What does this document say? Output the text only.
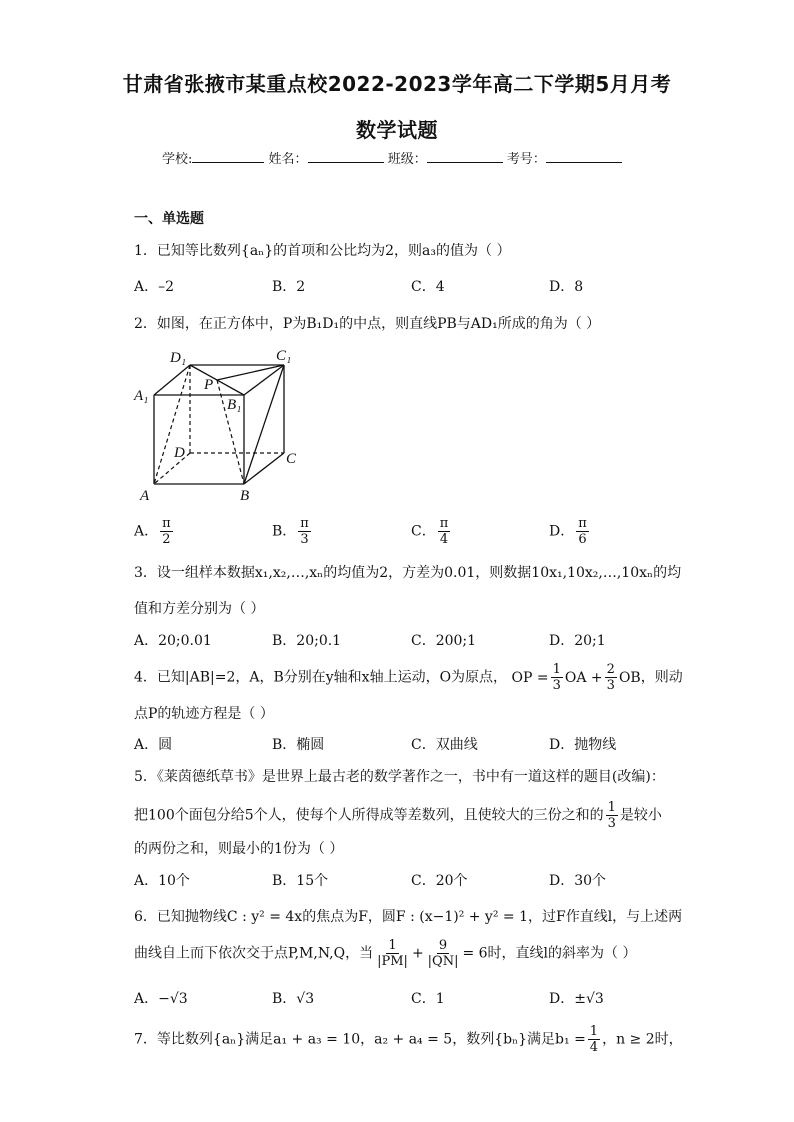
甘肃省张掖市某重点校2022-2023学年高二下学期5月月考
数学试题
学校:	姓名：	班级：	考号：
一、单选题
1．已知等比数列{aₙ}的首项和公比均为2，则a₃的值为（ ）
A．–2	B．2	C．4	D．8
2．如图，在正方体中，P为B₁D₁的中点，则直线PB与AD₁所成的角为（ ）
D₁	C₁
A₁
P
B₁
D	C
A	B
A． $\frac{\pi}{2}$	B． $\frac{\pi}{3}$	C． $\frac{\pi}{4}$	D． $\frac{\pi}{6}$
3．设一组样本数据x₁,x₂,…,xₙ的均值为2，方差为0.01，则数据10x₁,10x₂,…,10xₙ的均
值和方差分别为（ ）
A．20;0.01	B．20;0.1	C．200;1	D．20;1
4．已知|AB|=2，A，B分别在y轴和x轴上运动，O为原点， OP = $\frac{1}{3}$ OA + $\frac{2}{3}$ OB，则动
点P的轨迹方程是（ ）
A．圆	B．椭圆	C．双曲线	D．抛物线
5．《莱茵德纸草书》是世界上最古老的数学著作之一，书中有一道这样的题目(改编)：
把100个面包分给5个人，使每个人所得成等差数列，且使较大的三份之和的 $\frac{1}{3}$ 是较小
的两份之和，则最小的1份为（ ）
A．10个	B．15个	C．20个	D．30个
6．已知抛物线C : y² = 4x的焦点为F，圆F : (x−1)² + y² = 1，过F作直线l，与上述两
曲线自上而下依次交于点P,M,N,Q，当 $\frac{1}{|PM|} + \frac{9}{|QN|} = 6$时，直线l的斜率为（ ）
A．−√3	B．√3	C．1	D．±√3
7．等比数列{aₙ}满足a₁ + a₃ = 10，a₂ + a₄ = 5，数列{bₙ}满足$b_1 = \frac{1}{4}$ ，n ≥ 2时，
